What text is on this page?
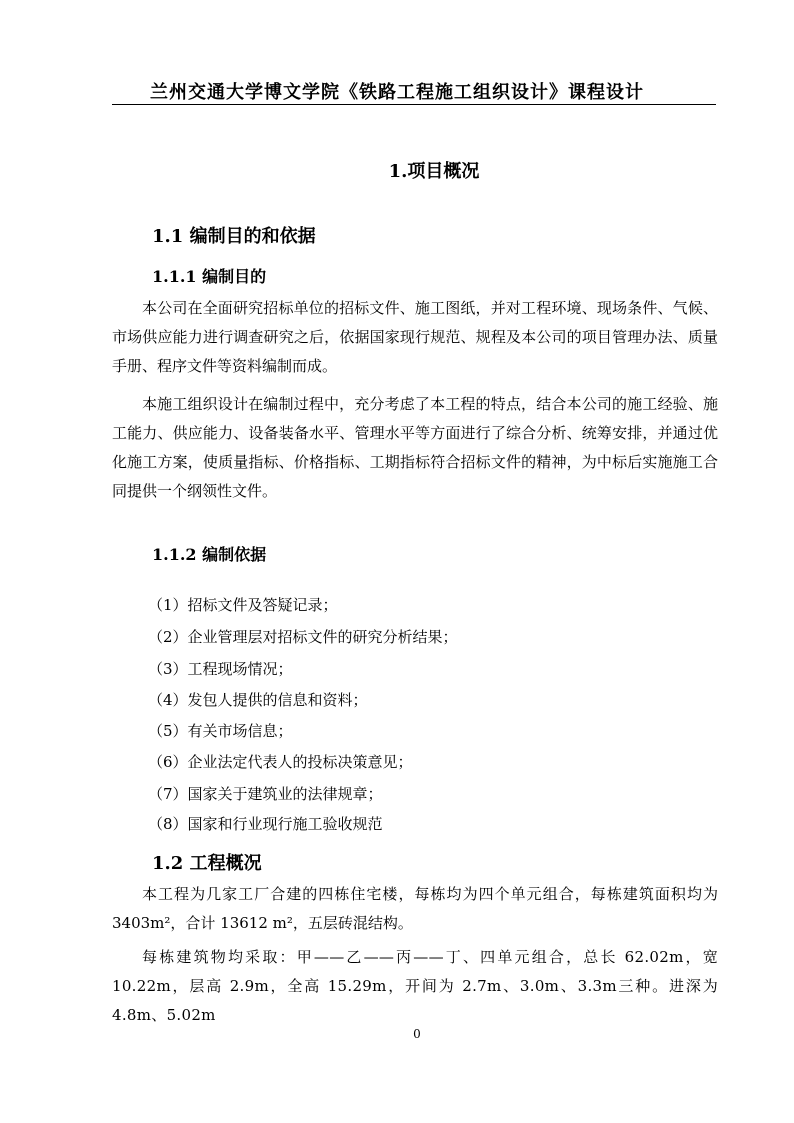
兰州交通大学博文学院《铁路工程施工组织设计》课程设计
1.项目概况
1.1 编制目的和依据
1.1.1 编制目的
本公司在全面研究招标单位的招标文件、施工图纸，并对工程环境、现场条件、气候、市场供应能力进行调查研究之后，依据国家现行规范、规程及本公司的项目管理办法、质量手册、程序文件等资料编制而成。
本施工组织设计在编制过程中，充分考虑了本工程的特点，结合本公司的施工经验、施工能力、供应能力、设备装备水平、管理水平等方面进行了综合分析、统筹安排，并通过优化施工方案，使质量指标、价格指标、工期指标符合招标文件的精神，为中标后实施施工合同提供一个纲领性文件。
1.1.2 编制依据
（1）招标文件及答疑记录；
（2）企业管理层对招标文件的研究分析结果；
（3）工程现场情况；
（4）发包人提供的信息和资料；
（5）有关市场信息；
（6）企业法定代表人的投标决策意见；
（7）国家关于建筑业的法律规章；
（8）国家和行业现行施工验收规范
1.2 工程概况
本工程为几家工厂合建的四栋住宅楼，每栋均为四个单元组合，每栋建筑面积均为3403m²，合计 13612 m²，五层砖混结构。
每栋建筑物均采取：甲——乙——丙——丁、四单元组合，总长 62.02m，宽10.22m，层高 2.9m，全高 15.29m，开间为 2.7m、3.0m、3.3m三种。进深为 4.8m、5.02m
0
